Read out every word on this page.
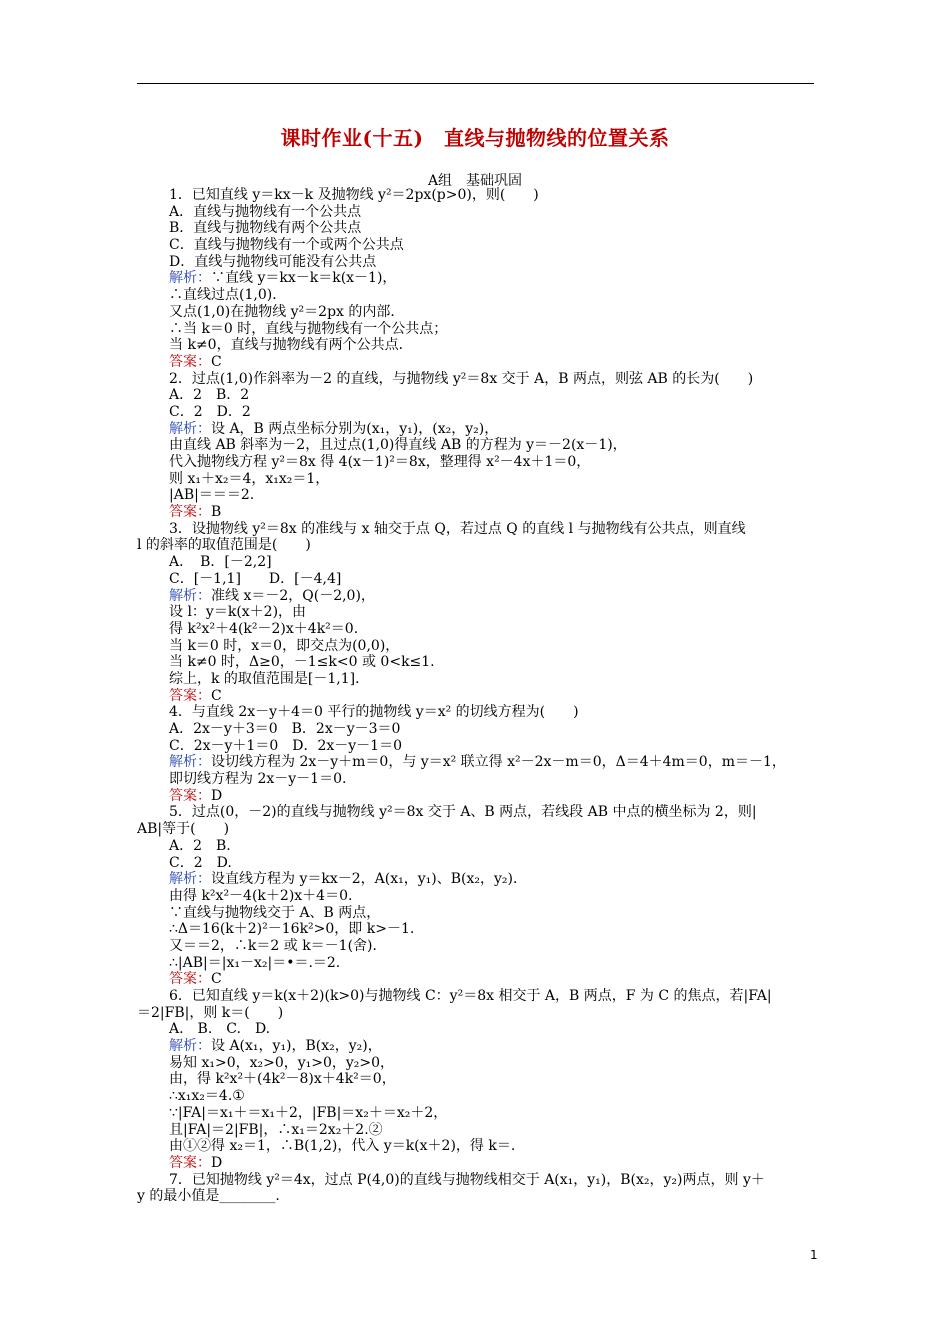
课时作业(十五)　直线与抛物线的位置关系
A组　基础巩固
1．已知直线 y＝kx－k 及抛物线 y²＝2px(p>0)，则(　　)
A．直线与抛物线有一个公共点
B．直线与抛物线有两个公共点
C．直线与抛物线有一个或两个公共点
D．直线与抛物线可能没有公共点
解析：∵直线 y＝kx－k＝k(x－1)，
∴直线过点(1,0)．
又点(1,0)在抛物线 y²＝2px 的内部．
∴当 k＝0 时，直线与抛物线有一个公共点；
当 k≠0，直线与抛物线有两个公共点．
答案：C
2．过点(1,0)作斜率为－2 的直线，与抛物线 y²＝8x 交于 A，B 两点，则弦 AB 的长为(　　)
A．2　B．2
C．2　D．2
解析：设 A，B 两点坐标分别为(x₁，y₁)，(x₂，y₂)，
由直线 AB 斜率为－2，且过点(1,0)得直线 AB 的方程为 y＝－2(x－1)，
代入抛物线方程 y²＝8x 得 4(x－1)²＝8x，整理得 x²－4x＋1＝0，
则 x₁＋x₂＝4，x₁x₂＝1，
|AB|＝＝＝2.
答案：B
3．设抛物线 y²＝8x 的准线与 x 轴交于点 Q，若过点 Q 的直线 l 与抛物线有公共点，则直线
l 的斜率的取值范围是(　　)
A．　B．[－2,2]
C．[－1,1]　　D．[－4,4]
解析：准线 x＝－2，Q(－2,0)，
设 l：y＝k(x＋2)，由
得 k²x²＋4(k²－2)x＋4k²＝0.
当 k＝0 时，x＝0，即交点为(0,0)，
当 k≠0 时，Δ≥0，－1≤k<0 或 0<k≤1.
综上，k 的取值范围是[－1,1]．
答案：C
4．与直线 2x－y＋4＝0 平行的抛物线 y＝x² 的切线方程为(　　)
A．2x－y＋3＝0　B．2x－y－3＝0
C．2x－y＋1＝0　D．2x－y－1＝0
解析：设切线方程为 2x－y＋m＝0，与 y＝x² 联立得 x²－2x－m＝0，Δ＝4＋4m＝0，m＝－1，
即切线方程为 2x－y－1＝0.
答案：D
5．过点(0，－2)的直线与抛物线 y²＝8x 交于 A、B 两点，若线段 AB 中点的横坐标为 2，则|
AB|等于(　　)
A．2　B.
C．2　D.
解析：设直线方程为 y＝kx－2，A(x₁，y₁)、B(x₂，y₂)．
由得 k²x²－4(k＋2)x＋4＝0.
∵直线与抛物线交于 A、B 两点，
∴Δ＝16(k＋2)²－16k²>0，即 k>－1.
又＝＝2，∴k＝2 或 k＝－1(舍)．
∴|AB|＝|x₁－x₂|＝•＝.＝2.
答案：C
6．已知直线 y＝k(x＋2)(k>0)与抛物线 C：y²＝8x 相交于 A，B 两点，F 为 C 的焦点，若|FA|
＝2|FB|，则 k＝(　　)
A.　B.　C.　D.
解析：设 A(x₁，y₁)，B(x₂，y₂)，
易知 x₁>0，x₂>0，y₁>0，y₂>0，
由，得 k²x²＋(4k²－8)x＋4k²＝0，
∴x₁x₂＝4.①
∵|FA|＝x₁＋＝x₁＋2，|FB|＝x₂＋＝x₂＋2，
且|FA|＝2|FB|，∴x₁＝2x₂＋2.②
由①②得 x₂＝1，∴B(1,2)，代入 y＝k(x＋2)，得 k＝.
答案：D
7．已知抛物线 y²＝4x，过点 P(4,0)的直线与抛物线相交于 A(x₁，y₁)，B(x₂，y₂)两点，则 y＋
y 的最小值是________.
1
